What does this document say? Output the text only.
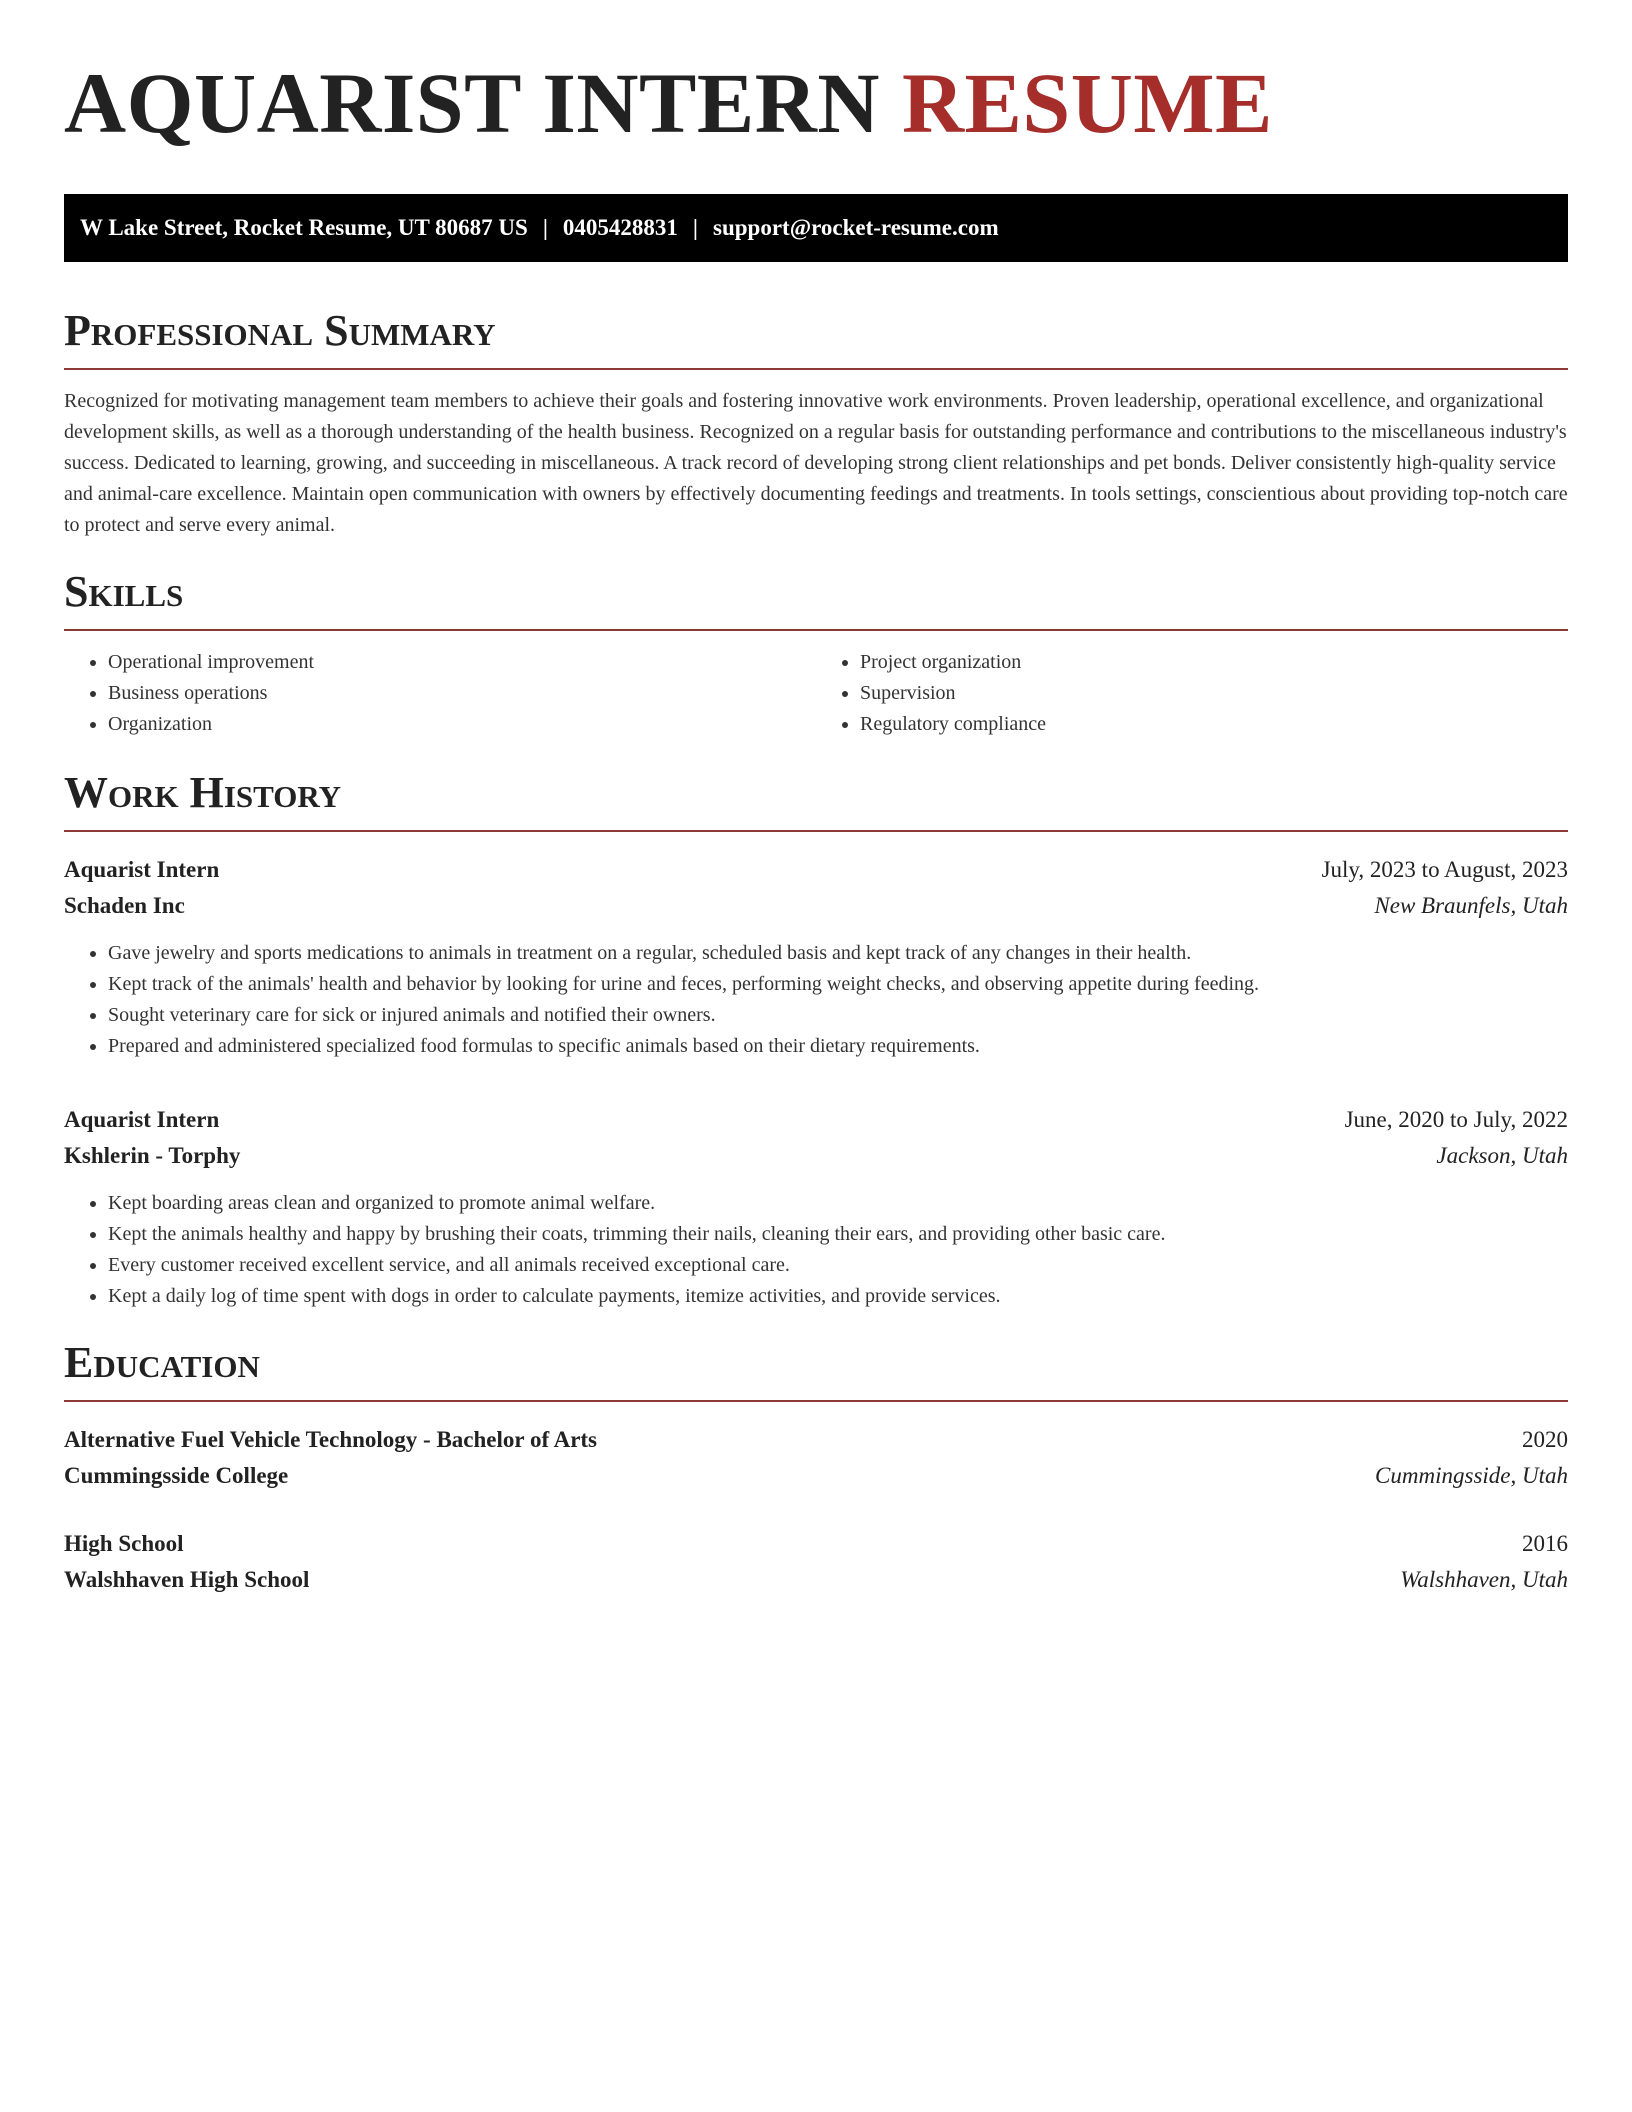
AQUARIST INTERN RESUME
W Lake Street, Rocket Resume, UT 80687 US | 0405428831 | support@rocket-resume.com
Professional Summary

Recognized for motivating management team members to achieve their goals and fostering innovative work environments. Proven leadership, operational excellence, and organizational development skills, as well as a thorough understanding of the health business. Recognized on a regular basis for outstanding performance and contributions to the miscellaneous industry's success. Dedicated to learning, growing, and succeeding in miscellaneous. A track record of developing strong client relationships and pet bonds. Deliver consistently high-quality service and animal-care excellence. Maintain open communication with owners by effectively documenting feedings and treatments. In tools settings, conscientious about providing top-notch care to protect and serve every animal.

Skills
• Operational improvement
• Business operations
• Organization
• Project organization
• Supervision
• Regulatory compliance
Work History
Aquarist Intern	July, 2023 to August, 2023
Schaden Inc	New Braunfels, Utah
• Gave jewelry and sports medications to animals in treatment on a regular, scheduled basis and kept track of any changes in their health.
• Kept track of the animals' health and behavior by looking for urine and feces, performing weight checks, and observing appetite during feeding.
• Sought veterinary care for sick or injured animals and notified their owners.
• Prepared and administered specialized food formulas to specific animals based on their dietary requirements.
Aquarist Intern	June, 2020 to July, 2022
Kshlerin - Torphy	Jackson, Utah
• Kept boarding areas clean and organized to promote animal welfare.
• Kept the animals healthy and happy by brushing their coats, trimming their nails, cleaning their ears, and providing other basic care.
• Every customer received excellent service, and all animals received exceptional care.
• Kept a daily log of time spent with dogs in order to calculate payments, itemize activities, and provide services.
Education
Alternative Fuel Vehicle Technology - Bachelor of Arts	2020
Cummingsside College	Cummingsside, Utah
High School	2016
Walshhaven High School	Walshhaven, Utah
